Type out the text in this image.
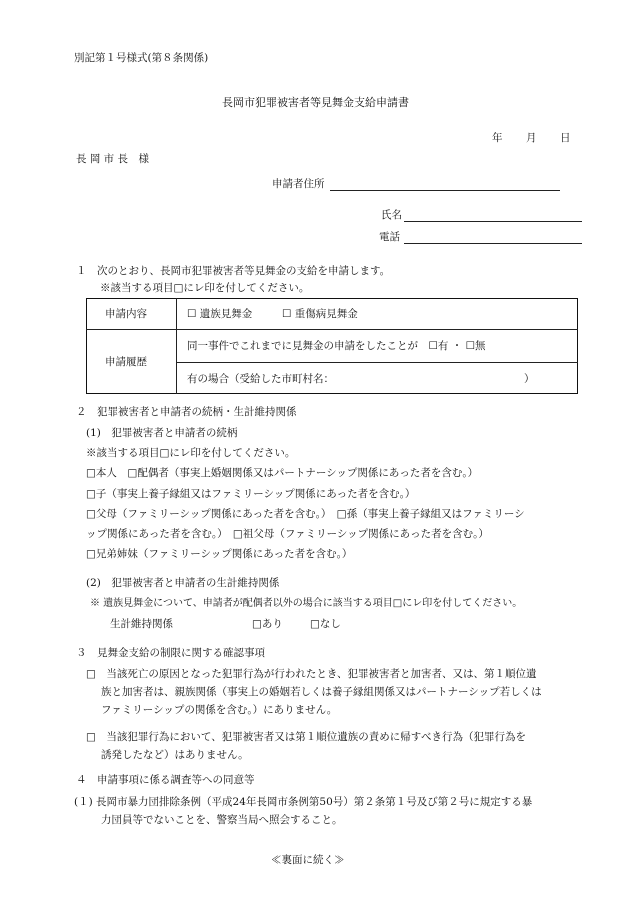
別記第１号様式(第８条関係)
長岡市犯罪被害者等見舞金支給申請書
年 月 日
長 岡 市 長　様
申請者住所
氏名
電話
１　次のとおり、長岡市犯罪被害者等見舞金の支給を申請します。
※該当する項目□にレ印を付してください。
申請内容	☐ 遺族見舞金	☐ 重傷病見舞金
申請履歴
同一事件でこれまでに見舞金の申請をしたことが　☐有 ・ ☐無
有の場合（受給した市町村名：	）
２　犯罪被害者と申請者の続柄・生計維持関係
(1)　犯罪被害者と申請者の続柄
※該当する項目□にレ印を付してください。
□本人　□配偶者（事実上婚姻関係又はパートナーシップ関係にあった者を含む。）
□子（事実上養子縁組又はファミリーシップ関係にあった者を含む。）
□父母（ファミリーシップ関係にあった者を含む。）　□孫（事実上養子縁組又はファミリーシ
ップ関係にあった者を含む。）　□祖父母（ファミリーシップ関係にあった者を含む。）
□兄弟姉妹（ファミリーシップ関係にあった者を含む。）
(2)　犯罪被害者と申請者の生計維持関係
※ 遺族見舞金について、申請者が配偶者以外の場合に該当する項目□にレ印を付してください。
生計維持関係	□あり	□なし
３　見舞金支給の制限に関する確認事項
□　当該死亡の原因となった犯罪行為が行われたとき、犯罪被害者と加害者、又は、第１順位遺
族と加害者は、親族関係（事実上の婚姻若しくは養子縁組関係又はパートナーシップ若しくは
ファミリーシップの関係を含む。）にありません。
□　当該犯罪行為において、犯罪被害者又は第１順位遺族の責めに帰すべき行為（犯罪行為を
誘発したなど）はありません。
４　申請事項に係る調査等への同意等
(１) 長岡市暴力団排除条例（平成24年長岡市条例第50号）第２条第１号及び第２号に規定する暴
力団員等でないことを、警察当局へ照会すること。
≪裏面に続く≫
